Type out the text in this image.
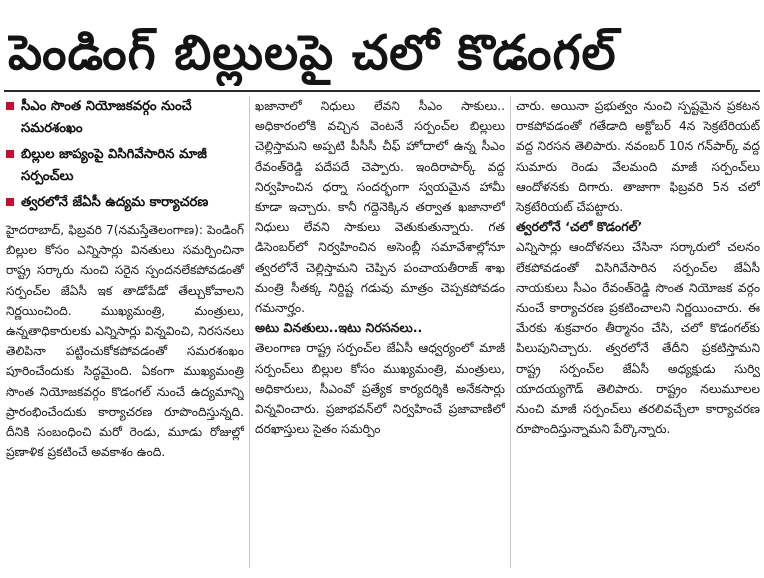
పెండింగ్‌ బిల్లులపై చలో కొడంగల్‌
సీఎం సొంత నియోజకవర్గం నుంచే సమరశంఖం
బిల్లుల జాప్యంపై విసిగివేసారిన మాజీ సర్పంచ్‌లు
త్వరలోనే జేఏసీ ఉద్యమ కార్యాచరణ

హైదరాబాద్‌, ఫిబ్రవరి 7(నమస్తే‌తెలంగాణ): పెండింగ్‌ బిల్లుల కోసం ఎన్నిసార్లు వినతులు సమర్పించినా రాష్ట్ర సర్కారు నుంచి సరైన స్పందనలేకపోవడంతో సర్పంచ్‌ల జేఏసీ ఇక తాడోపేడో తేల్చుకోవాలని నిర్ణయించింది. ముఖ్యమంత్రి, మంత్రులు, ఉన్నతాధికారులకు ఎన్నిసార్లు విన్నవించి, నిరసనలు తెలిపినా పట్టించుకోకపోవడంతో సమరశంఖం పూరించేందుకు సిద్ధమైంది. ఏకంగా ముఖ్యమంత్రి సొంత నియోజకవర్గం కొడంగల్‌ నుంచే ఉద్యమాన్ని ప్రారంభించేందుకు కార్యాచరణ రూపొందిస్తున్నది. దీనికి సంబంధించి మరో రెండు, మూడు రోజుల్లో ప్రణాళిక ప్రకటించే అవకాశం ఉంది.

ఖజానాలో నిధులు లేవని సీఎం సాకులు.. అధికారంలోకి వచ్చిన వెంటనే సర్పంచ్‌ల బిల్లులు చెల్లిస్తామని అప్పటి పీసీసీ చీఫ్‌ హోదాలో ఉన్న సీఎం రేవంత్‌రెడ్డి పదేపదే చెప్పారు. ఇందిరాపార్క్‌ వద్ద నిర్వహించిన ధర్నా సందర్భంగా స్వయమైన హామీ కూడా ఇచ్చారు. కానీ గద్దెనెక్కిన తర్వాత ఖజానాలో నిధులు లేవని సాకులు వెతుకుతున్నారు. గత డిసెంబర్‌లో నిర్వహించిన అసెంబ్లీ సమావేశాల్లోనూ త్వరలోనే చెల్లిస్తామని చెప్పిన పంచాయతీరాజ్‌ శాఖ మంత్రి సీతక్క నిర్దిష్ట గడువు మాత్రం చెప్పకపోవడం గమనార్హం.

అటు వినతులు..ఇటు నిరసనలు..

తెలంగాణ రాష్ట్ర సర్పంచ్‌ల జేఏసీ ఆధ్వర్యంలో మాజీ సర్పంచ్‌లు బిల్లుల కోసం ముఖ్యమంత్రి, మంత్రులు, అధికారులు, సీఎంవో ప్రత్యేక కార్యదర్శికి అనేకసార్లు విన్నవించారు. ప్రజాభవన్‌లో నిర్వహించే ప్రజావాణిలో దరఖాస్తులు సైతం సమర్పిం

చారు. అయినా ప్రభుత్వం నుంచి స్పష్టమైన ప్రకటన రాకపోవడంతో గతేడాది అక్టోబర్‌ 4న సెక్రటేరియట్‌ వద్ద నిరసన తెలిపారు. నవంబర్‌ 10న గన్‌పార్క్‌ వద్ద సుమారు రెండు వేలమంది మాజీ సర్పంచ్‌లు ఆందోళనకు దిగారు. తాజాగా ఫిబ్రవరి 5న చలో సెక్రటేరియట్‌ చేపట్టారు.

త్వరలోనే ‘చలో కొడంగల్‌’

ఎన్నిసార్లు ఆందోళనలు చేసినా సర్కారులో చలనం లేకపోవడంతో విసిగివేసారిన సర్పంచ్‌ల జేఏసీ నాయకులు సీఎం రేవంత్‌రెడ్డి సొంత నియోజక వర్గం నుంచే కార్యాచరణ ప్రకటించాలని నిర్ణయించారు. ఈ మేరకు శుక్రవారం తీర్మానం చేసి, చలో కొడంగల్‌కు పిలుపునిచ్చారు. త్వరలోనే తేదీని ప్రకటిస్తామని రాష్ట్ర సర్పంచ్‌ల జేఏసీ అధ్యక్షుడు సుర్వి యాదయ్యగౌడ్‌ తెలిపారు. రాష్ట్రం నలుమూలల నుంచి మాజీ సర్పంచ్‌లు తరలివచ్చేలా కార్యాచరణ రూపొందిస్తున్నామని పేర్కొన్నారు.
